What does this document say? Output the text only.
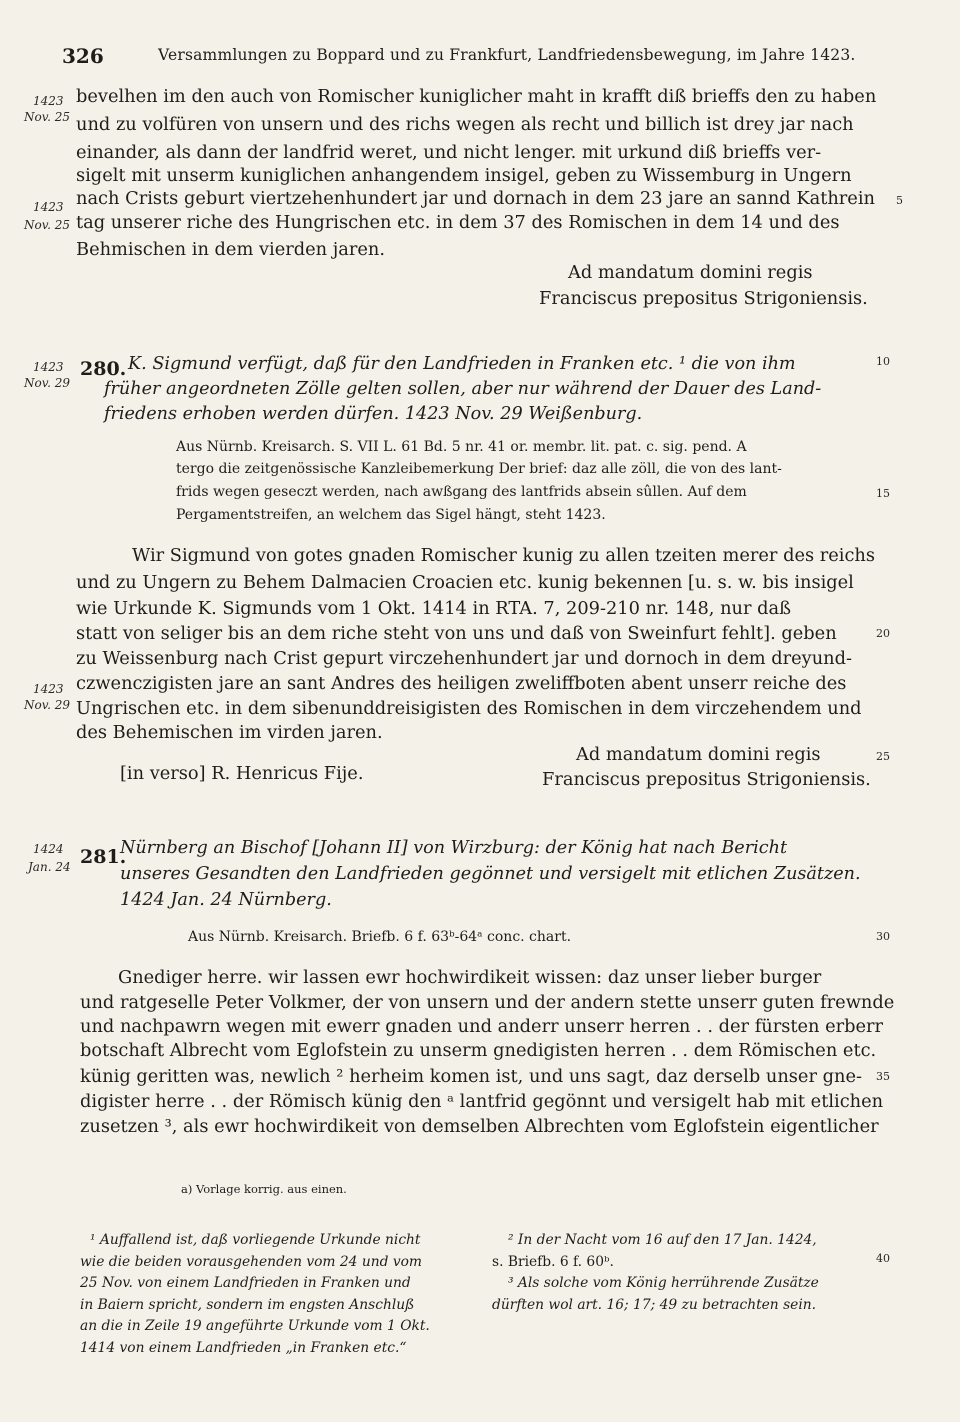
326	Versammlungen zu Boppard und zu Frankfurt, Landfriedensbewegung, im Jahre 1423.
1423
Nov. 25
1423
Nov. 25
1423
Nov. 29
1423
Nov. 29
1424
Jan. 24
5
10
15
20
25
30
35
40
bevelhen im den auch von Romischer kuniglicher maht in krafft diß brieffs den zu haben
und zu volfüren von unsern und des richs wegen als recht und billich ist drey jar nach
einander, als dann der landfrid weret, und nicht lenger. mit urkund diß brieffs ver-
sigelt mit unserm kuniglichen anhangendem insigel, geben zu Wissemburg in Ungern
nach Crists geburt viertzehenhundert jar und dornach in dem 23 jare an sannd Kathrein
tag unserer riche des Hungrischen etc. in dem 37 des Romischen in dem 14 und des
Behmischen in dem vierden jaren.
Ad mandatum domini regis
Franciscus prepositus Strigoniensis.
280. K. Sigmund verfügt, daß für den Landfrieden in Franken etc. ¹ die von ihm
früher angeordneten Zölle gelten sollen, aber nur während der Dauer des Land-
friedens erhoben werden dürfen. 1423 Nov. 29 Weißenburg.
Aus Nürnb. Kreisarch. S. VII L. 61 Bd. 5 nr. 41 or. membr. lit. pat. c. sig. pend. A
tergo die zeitgenössische Kanzleibemerkung Der brief: daz alle zöll, die von des lant-
frids wegen geseczt werden, nach awßgang des lantfrids absein sûllen. Auf dem
Pergamentstreifen, an welchem das Sigel hängt, steht 1423.
Wir Sigmund von gotes gnaden Romischer kunig zu allen tzeiten merer des reichs
und zu Ungern zu Behem Dalmacien Croacien etc. kunig bekennen [u. s. w. bis insigel
wie Urkunde K. Sigmunds vom 1 Okt. 1414 in RTA. 7, 209-210 nr. 148, nur daß
statt von seliger bis an dem riche steht von uns und daß von Sweinfurt fehlt]. geben
zu Weissenburg nach Crist gepurt virczehenhundert jar und dornoch in dem dreyund-
czwenczigisten jare an sant Andres des heiligen zweliffboten abent unserr reiche des
Ungrischen etc. in dem sibenunddreisigisten des Romischen in dem virczehendem und
des Behemischen im virden jaren.
Ad mandatum domini regis
Franciscus prepositus Strigoniensis.
[in verso] R. Henricus Fije.
281.
Nürnberg an Bischof [Johann II] von Wirzburg: der König hat nach Bericht
unseres Gesandten den Landfrieden gegönnet und versigelt mit etlichen Zusätzen.
1424 Jan. 24 Nürnberg.
Aus Nürnb. Kreisarch. Briefb. 6 f. 63ᵇ-64ᵃ conc. chart.
Gnediger herre. wir lassen ewr hochwirdikeit wissen: daz unser lieber burger
und ratgeselle Peter Volkmer, der von unsern und der andern stette unserr guten frewnde
und nachpawrn wegen mit ewerr gnaden und anderr unserr herren . . der fürsten erberr
botschaft Albrecht vom Eglofstein zu unserm gnedigisten herren . . dem Römischen etc.
künig geritten was, newlich ² herheim komen ist, und uns sagt, daz derselb unser gne-
digister herre . . der Römisch künig den ᵃ lantfrid gegönnt und versigelt hab mit etlichen
zusetzen ³, als ewr hochwirdikeit von demselben Albrechten vom Eglofstein eigentlicher
a) Vorlage korrig. aus einen.
¹ Auffallend ist, daß vorliegende Urkunde nicht
wie die beiden vorausgehenden vom 24 und vom
25 Nov. von einem Landfrieden in Franken und
in Baiern spricht, sondern im engsten Anschluß
an die in Zeile 19 angeführte Urkunde vom 1 Okt.
1414 von einem Landfrieden „in Franken etc.“
² In der Nacht vom 16 auf den 17 Jan. 1424,
s. Briefb. 6 f. 60ᵇ.
³ Als solche vom König herrührende Zusätze
dürften wol art. 16; 17; 49 zu betrachten sein.
